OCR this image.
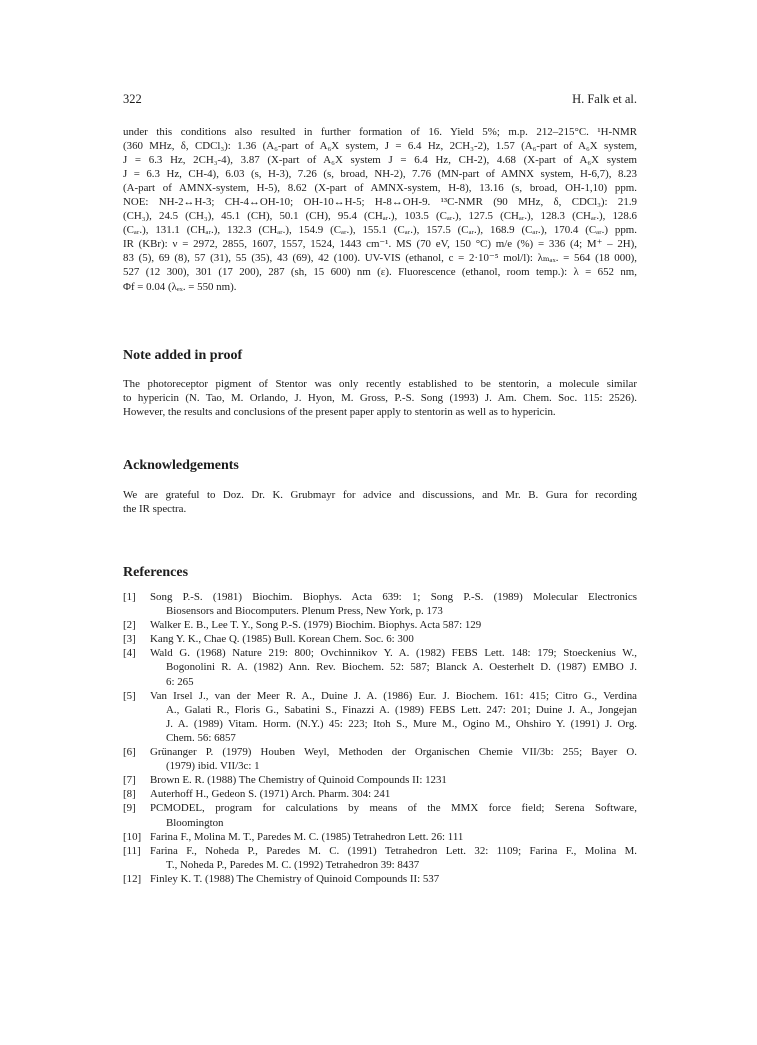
322	H. Falk et al.
under this conditions also resulted in further formation of 16. Yield 5%; m.p. 212–215°C. ¹H-NMR
(360 MHz, δ, CDCl₃): 1.36 (A₆-part of A₆X system, J = 6.4 Hz, 2CH₃-2), 1.57 (A₆-part of A₆X system,
J = 6.3 Hz, 2CH₃-4), 3.87 (X-part of A₆X system J = 6.4 Hz, CH-2), 4.68 (X-part of A₆X system
J = 6.3 Hz, CH-4), 6.03 (s, H-3), 7.26 (s, broad, NH-2), 7.76 (MN-part of AMNX system, H-6,7), 8.23
(A-part of AMNX-system, H-5), 8.62 (X-part of AMNX-system, H-8), 13.16 (s, broad, OH-1,10) ppm.
NOE: NH-2↔H-3; CH-4↔OH-10; OH-10↔H-5; H-8↔OH-9. ¹³C-NMR (90 MHz, δ, CDCl₃): 21.9
(CH₃), 24.5 (CH₃), 45.1 (CH), 50.1 (CH), 95.4 (CHₐᵣ.), 103.5 (Cₐᵣ.), 127.5 (CHₐᵣ.), 128.3 (CHₐᵣ.), 128.6
(Cₐᵣ.), 131.1 (CHₐᵣ.), 132.3 (CHₐᵣ.), 154.9 (Cₐᵣ.), 155.1 (Cₐᵣ.), 157.5 (Cₐᵣ.), 168.9 (Cₐᵣ.), 170.4 (Cₐᵣ.) ppm.
IR (KBr): ν = 2972, 2855, 1607, 1557, 1524, 1443 cm⁻¹. MS (70 eV, 150 °C) m/e (%) = 336 (4; M⁺ – 2H),
83 (5), 69 (8), 57 (31), 55 (35), 43 (69), 42 (100). UV-VIS (ethanol, c = 2·10⁻⁵ mol/l): λₘₐₓ. = 564 (18 000),
527 (12 300), 301 (17 200), 287 (sh, 15 600) nm (ε). Fluorescence (ethanol, room temp.): λ = 652 nm,
Φf = 0.04 (λₑₓ. = 550 nm).
Note added in proof
The photoreceptor pigment of Stentor was only recently established to be stentorin, a molecule similar
to hypericin (N. Tao, M. Orlando, J. Hyon, M. Gross, P.-S. Song (1993) J. Am. Chem. Soc. 115: 2526).
However, the results and conclusions of the present paper apply to stentorin as well as to hypericin.
Acknowledgements
We are grateful to Doz. Dr. K. Grubmayr for advice and discussions, and Mr. B. Gura for recording
the IR spectra.
References
[1] Song P.-S. (1981) Biochim. Biophys. Acta 639: 1; Song P.-S. (1989) Molecular Electronics
Biosensors and Biocomputers. Plenum Press, New York, p. 173
[2] Walker E. B., Lee T. Y., Song P.-S. (1979) Biochim. Biophys. Acta 587: 129
[3] Kang Y. K., Chae Q. (1985) Bull. Korean Chem. Soc. 6: 300
[4] Wald G. (1968) Nature 219: 800; Ovchinnikov Y. A. (1982) FEBS Lett. 148: 179; Stoeckenius W.,
Bogonolini R. A. (1982) Ann. Rev. Biochem. 52: 587; Blanck A. Oesterhelt D. (1987) EMBO J.
6: 265
[5] Van Irsel J., van der Meer R. A., Duine J. A. (1986) Eur. J. Biochem. 161: 415; Citro G., Verdina
A., Galati R., Floris G., Sabatini S., Finazzi A. (1989) FEBS Lett. 247: 201; Duine J. A., Jongejan
J. A. (1989) Vitam. Horm. (N.Y.) 45: 223; Itoh S., Mure M., Ogino M., Ohshiro Y. (1991) J. Org.
Chem. 56: 6857
[6] Grünanger P. (1979) Houben Weyl, Methoden der Organischen Chemie VII/3b: 255; Bayer O.
(1979) ibid. VII/3c: 1
[7] Brown E. R. (1988) The Chemistry of Quinoid Compounds II: 1231
[8] Auterhoff H., Gedeon S. (1971) Arch. Pharm. 304: 241
[9] PCMODEL, program for calculations by means of the MMX force field; Serena Software,
Bloomington
[10] Farina F., Molina M. T., Paredes M. C. (1985) Tetrahedron Lett. 26: 111
[11] Farina F., Noheda P., Paredes M. C. (1991) Tetrahedron Lett. 32: 1109; Farina F., Molina M.
T., Noheda P., Paredes M. C. (1992) Tetrahedron 39: 8437
[12] Finley K. T. (1988) The Chemistry of Quinoid Compounds II: 537
